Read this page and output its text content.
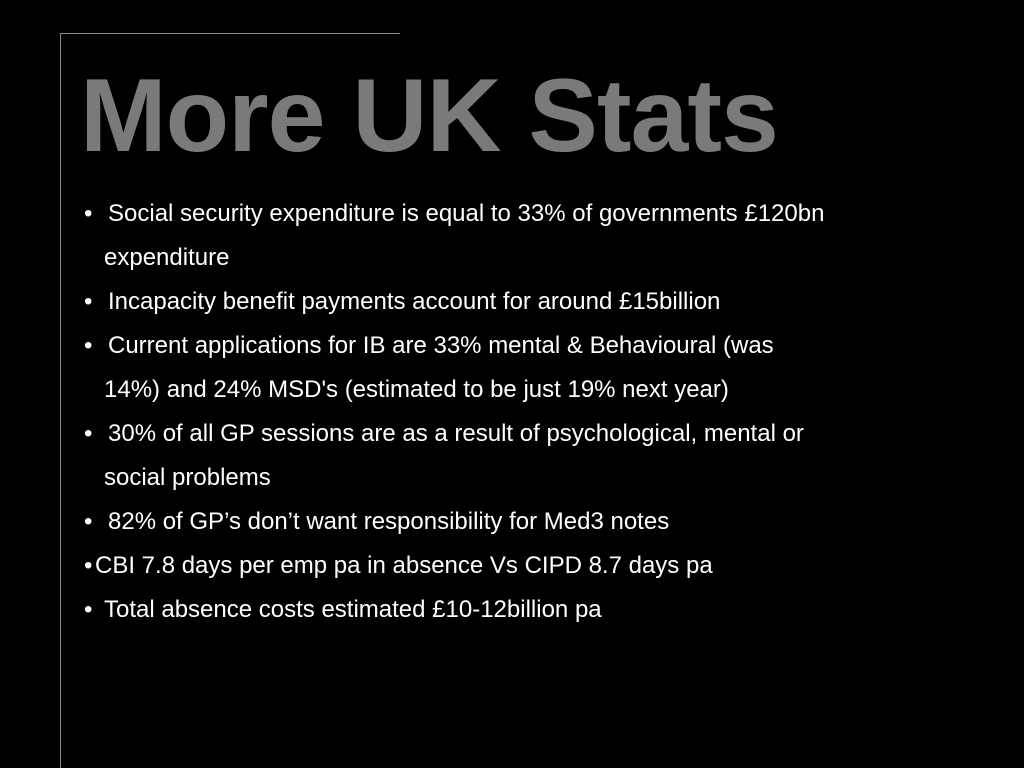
More UK Stats
• Social security expenditure is equal to 33% of governments £120bn
expenditure
• Incapacity benefit payments account for around £15billion
• Current applications for IB are 33% mental & Behavioural (was
14%) and 24% MSD's (estimated to be just 19% next year)
• 30% of all GP sessions are as a result of psychological, mental or
social problems
• 82% of GP’s don’t want responsibility for Med3 notes
• CBI 7.8 days per emp pa in absence Vs CIPD 8.7 days pa
• Total absence costs estimated £10-12billion pa
